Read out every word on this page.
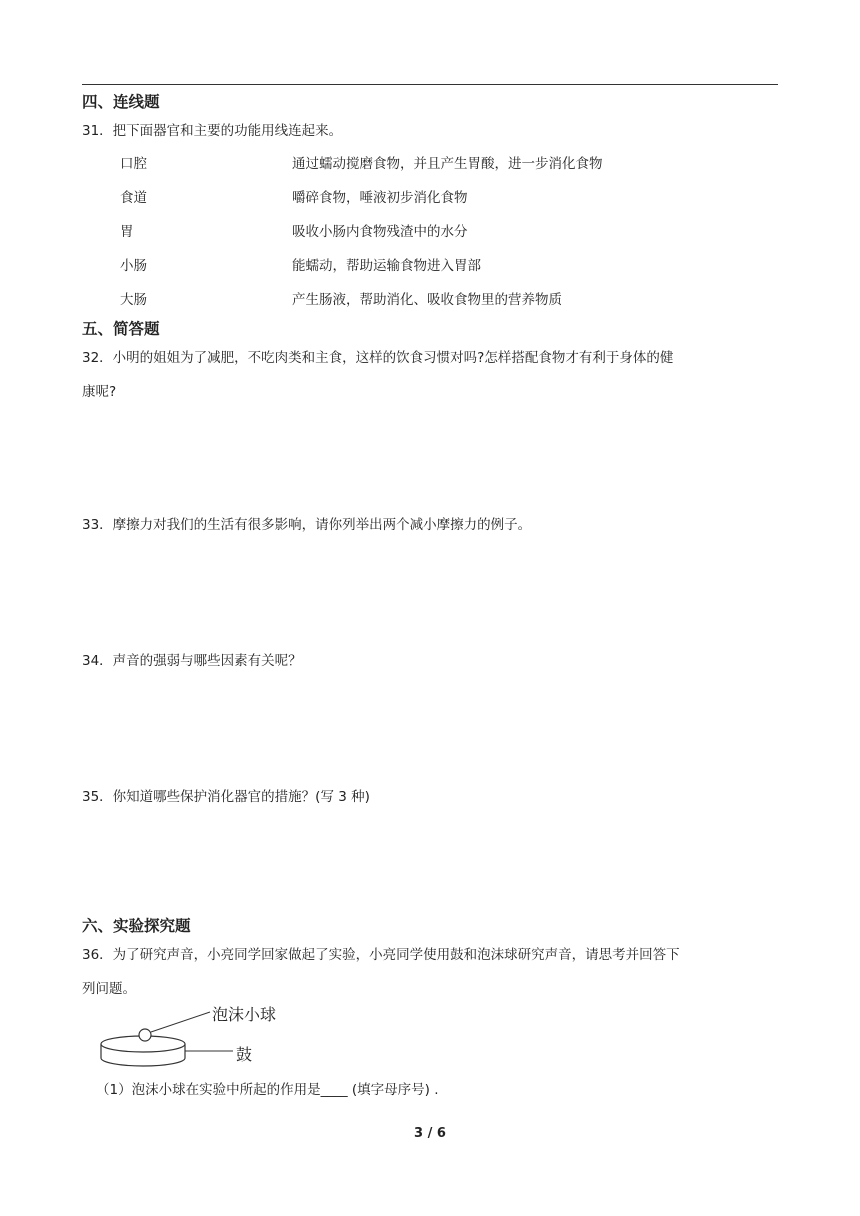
四、连线题
31．把下面器官和主要的功能用线连起来。
口腔	通过蠕动搅磨食物，并且产生胃酸，进一步消化食物
食道	嚼碎食物，唾液初步消化食物
胃	吸收小肠内食物残渣中的水分
小肠	能蠕动，帮助运输食物进入胃部
大肠	产生肠液，帮助消化、吸收食物里的营养物质
五、简答题
32．小明的姐姐为了减肥，不吃肉类和主食，这样的饮食习惯对吗?怎样搭配食物才有利于身体的健
康呢?
33．摩擦力对我们的生活有很多影响，请你列举出两个减小摩擦力的例子。
34．声音的强弱与哪些因素有关呢？
35．你知道哪些保护消化器官的措施？(写 3 种)
六、实验探究题
36．为了研究声音，小亮同学回家做起了实验，小亮同学使用鼓和泡沫球研究声音，请思考并回答下
列问题。
泡沫小球
鼓
（1）泡沫小球在实验中所起的作用是____ (填字母序号) .
3 / 6
